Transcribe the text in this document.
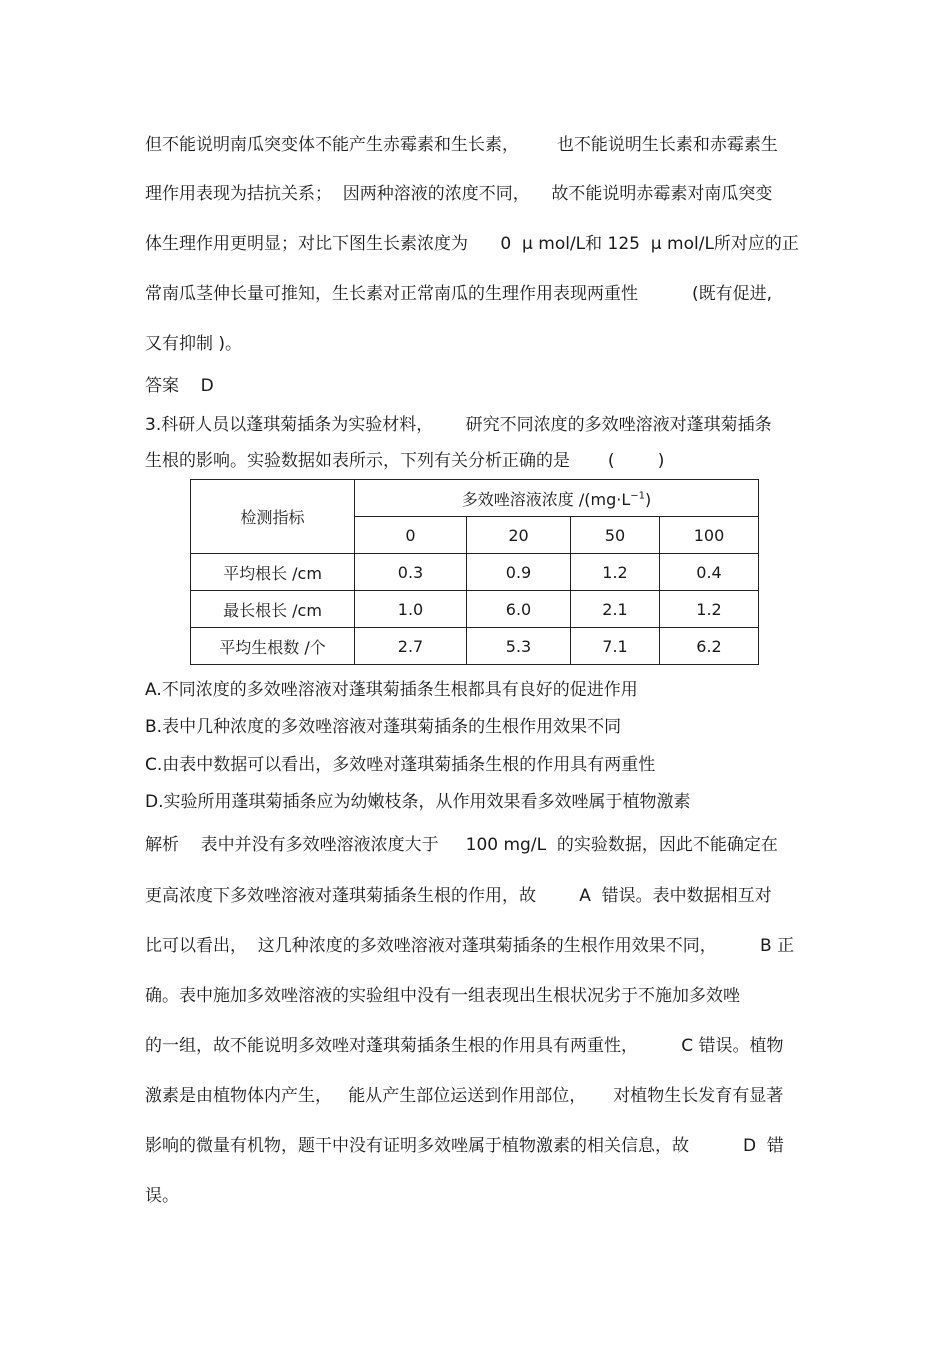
但不能说明南瓜突变体不能产生赤霉素和生长素，       也不能说明生长素和赤霉素生
理作用表现为拮抗关系；  因两种溶液的浓度不同，    故不能说明赤霉素对南瓜突变
体生理作用更明显；对比下图生长素浓度为      0  μ mol/L和 125  μ mol/L所对应的正
常南瓜茎伸长量可推知，生长素对正常南瓜的生理作用表现两重性          (既有促进,
又有抑制 )。
答案    D
3.科研人员以蓬琪菊插条为实验材料，      研究不同浓度的多效唑溶液对蓬琪菊插条
生根的影响。实验数据如表所示，下列有关分析正确的是       (        )
检测指标	多效唑溶液浓度 $/(mg\cdot L^{-1})$			
	0	20	50	100
平均根长 /cm	0.3	0.9	1.2	0.4
最长根长 /cm	1.0	6.0	2.1	1.2
平均生根数 /个	2.7	5.3	7.1	6.2
A.不同浓度的多效唑溶液对蓬琪菊插条生根都具有良好的促进作用
B.表中几种浓度的多效唑溶液对蓬琪菊插条的生根作用效果不同
C.由表中数据可以看出，多效唑对蓬琪菊插条生根的作用具有两重性
D.实验所用蓬琪菊插条应为幼嫩枝条，从作用效果看多效唑属于植物激素
解析    表中并没有多效唑溶液浓度大于     100 mg/L  的实验数据，因此不能确定在
更高浓度下多效唑溶液对蓬琪菊插条生根的作用，故        A  错误。表中数据相互对
比可以看出，  这几种浓度的多效唑溶液对蓬琪菊插条的生根作用效果不同，        B 正
确。表中施加多效唑溶液的实验组中没有一组表现出生根状况劣于不施加多效唑
的一组，故不能说明多效唑对蓬琪菊插条生根的作用具有两重性，        C 错误。植物
激素是由植物体内产生，   能从产生部位运送到作用部位，     对植物生长发育有显著
影响的微量有机物，题干中没有证明多效唑属于植物激素的相关信息，故          D  错
误。
